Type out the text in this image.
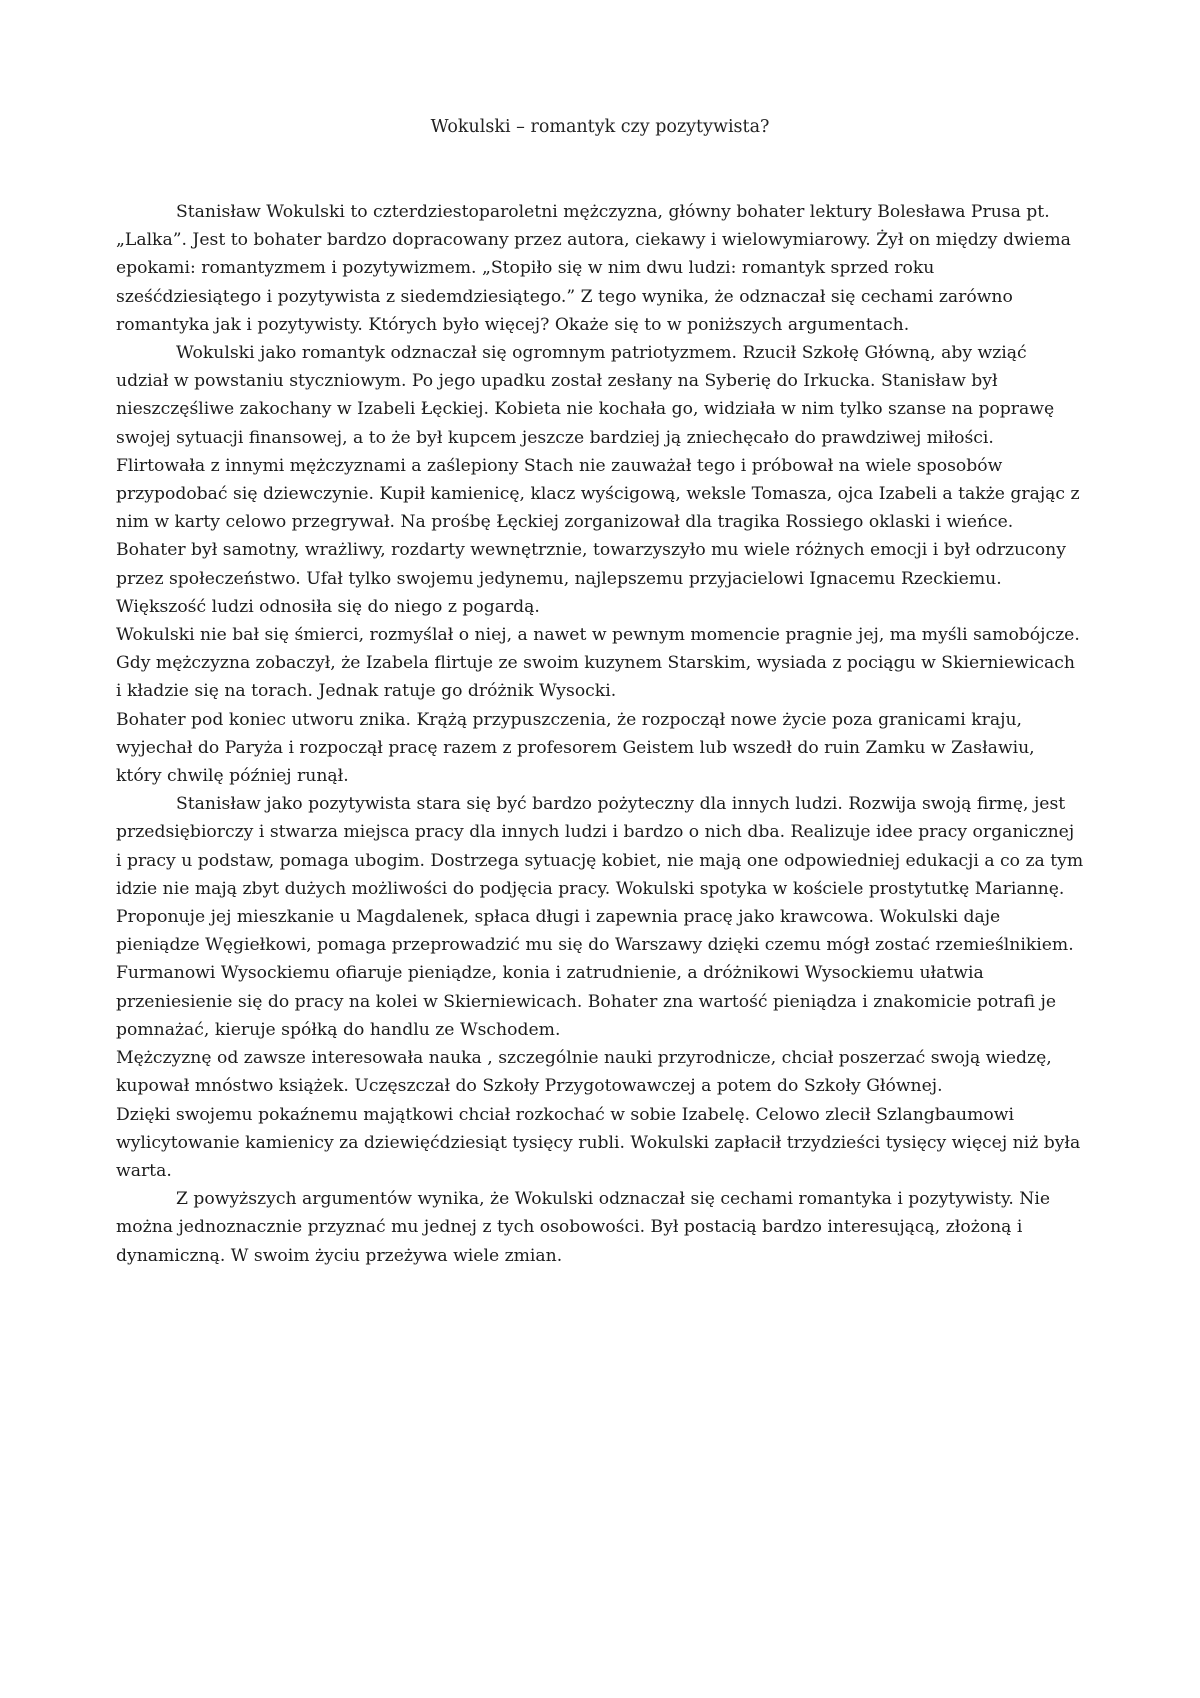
Wokulski – romantyk czy pozytywista?

Stanisław Wokulski to czterdziestoparoletni mężczyzna, główny bohater lektury Bolesława Prusa pt. „Lalka”. Jest to bohater bardzo dopracowany przez autora, ciekawy i wielowymiarowy. Żył on między dwiema epokami: romantyzmem i pozytywizmem. „Stopiło się w nim dwu ludzi: romantyk sprzed roku sześćdziesiątego i pozytywista z siedemdziesiątego.” Z tego wynika, że odznaczał się cechami zarówno romantyka jak i pozytywisty. Których było więcej? Okaże się to w poniższych argumentach.

Wokulski jako romantyk odznaczał się ogromnym patriotyzmem. Rzucił Szkołę Główną, aby wziąć udział w powstaniu styczniowym. Po jego upadku został zesłany na Syberię do Irkucka. Stanisław był nieszczęśliwe zakochany w Izabeli Łęckiej. Kobieta nie kochała go, widziała w nim tylko szanse na poprawę swojej sytuacji finansowej, a to że był kupcem jeszcze bardziej ją zniechęcało do prawdziwej miłości. Flirtowała z innymi mężczyznami a zaślepiony Stach nie zauważał tego i próbował na wiele sposobów przypodobać się dziewczynie. Kupił kamienicę, klacz wyścigową, weksle Tomasza, ojca Izabeli a także grając z nim w karty celowo przegrywał. Na prośbę Łęckiej zorganizował dla tragika Rossiego oklaski i wieńce.

Bohater był samotny, wrażliwy, rozdarty wewnętrznie, towarzyszyło mu wiele różnych emocji i był odrzucony przez społeczeństwo. Ufał tylko swojemu jedynemu, najlepszemu przyjacielowi Ignacemu Rzeckiemu. Większość ludzi odnosiła się do niego z pogardą.

Wokulski nie bał się śmierci, rozmyślał o niej, a nawet w pewnym momencie pragnie jej, ma myśli samobójcze. Gdy mężczyzna zobaczył, że Izabela flirtuje ze swoim kuzynem Starskim, wysiada z pociągu w Skierniewicach i kładzie się na torach. Jednak ratuje go dróżnik Wysocki.

Bohater pod koniec utworu znika. Krążą przypuszczenia, że rozpoczął nowe życie poza granicami kraju, wyjechał do Paryża i rozpoczął pracę razem z profesorem Geistem lub wszedł do ruin Zamku w Zasławiu, który chwilę później runął.

Stanisław jako pozytywista stara się być bardzo pożyteczny dla innych ludzi. Rozwija swoją firmę, jest przedsiębiorczy i stwarza miejsca pracy dla innych ludzi i bardzo o nich dba. Realizuje idee pracy organicznej i pracy u podstaw, pomaga ubogim. Dostrzega sytuację kobiet, nie mają one odpowiedniej edukacji a co za tym idzie nie mają zbyt dużych możliwości do podjęcia pracy. Wokulski spotyka w kościele prostytutkę Mariannę. Proponuje jej mieszkanie u Magdalenek, spłaca długi i zapewnia pracę jako krawcowa. Wokulski daje pieniądze Węgiełkowi, pomaga przeprowadzić mu się do Warszawy dzięki czemu mógł zostać rzemieślnikiem. Furmanowi Wysockiemu ofiaruje pieniądze, konia i zatrudnienie, a dróżnikowi Wysockiemu ułatwia przeniesienie się do pracy na kolei w Skierniewicach. Bohater zna wartość pieniądza i znakomicie potrafi je pomnażać, kieruje spółką do handlu ze Wschodem.

Mężczyznę od zawsze interesowała nauka , szczególnie nauki przyrodnicze, chciał poszerzać swoją wiedzę, kupował mnóstwo książek. Uczęszczał do Szkoły Przygotowawczej a potem do Szkoły Głównej.

Dzięki swojemu pokaźnemu majątkowi chciał rozkochać w sobie Izabelę. Celowo zlecił Szlangbaumowi wylicytowanie kamienicy za dziewięćdziesiąt tysięcy rubli. Wokulski zapłacił trzydzieści tysięcy więcej niż była warta.

Z powyższych argumentów wynika, że Wokulski odznaczał się cechami romantyka i pozytywisty. Nie można jednoznacznie przyznać mu jednej z tych osobowości. Był postacią bardzo interesującą, złożoną i dynamiczną. W swoim życiu przeżywa wiele zmian.
